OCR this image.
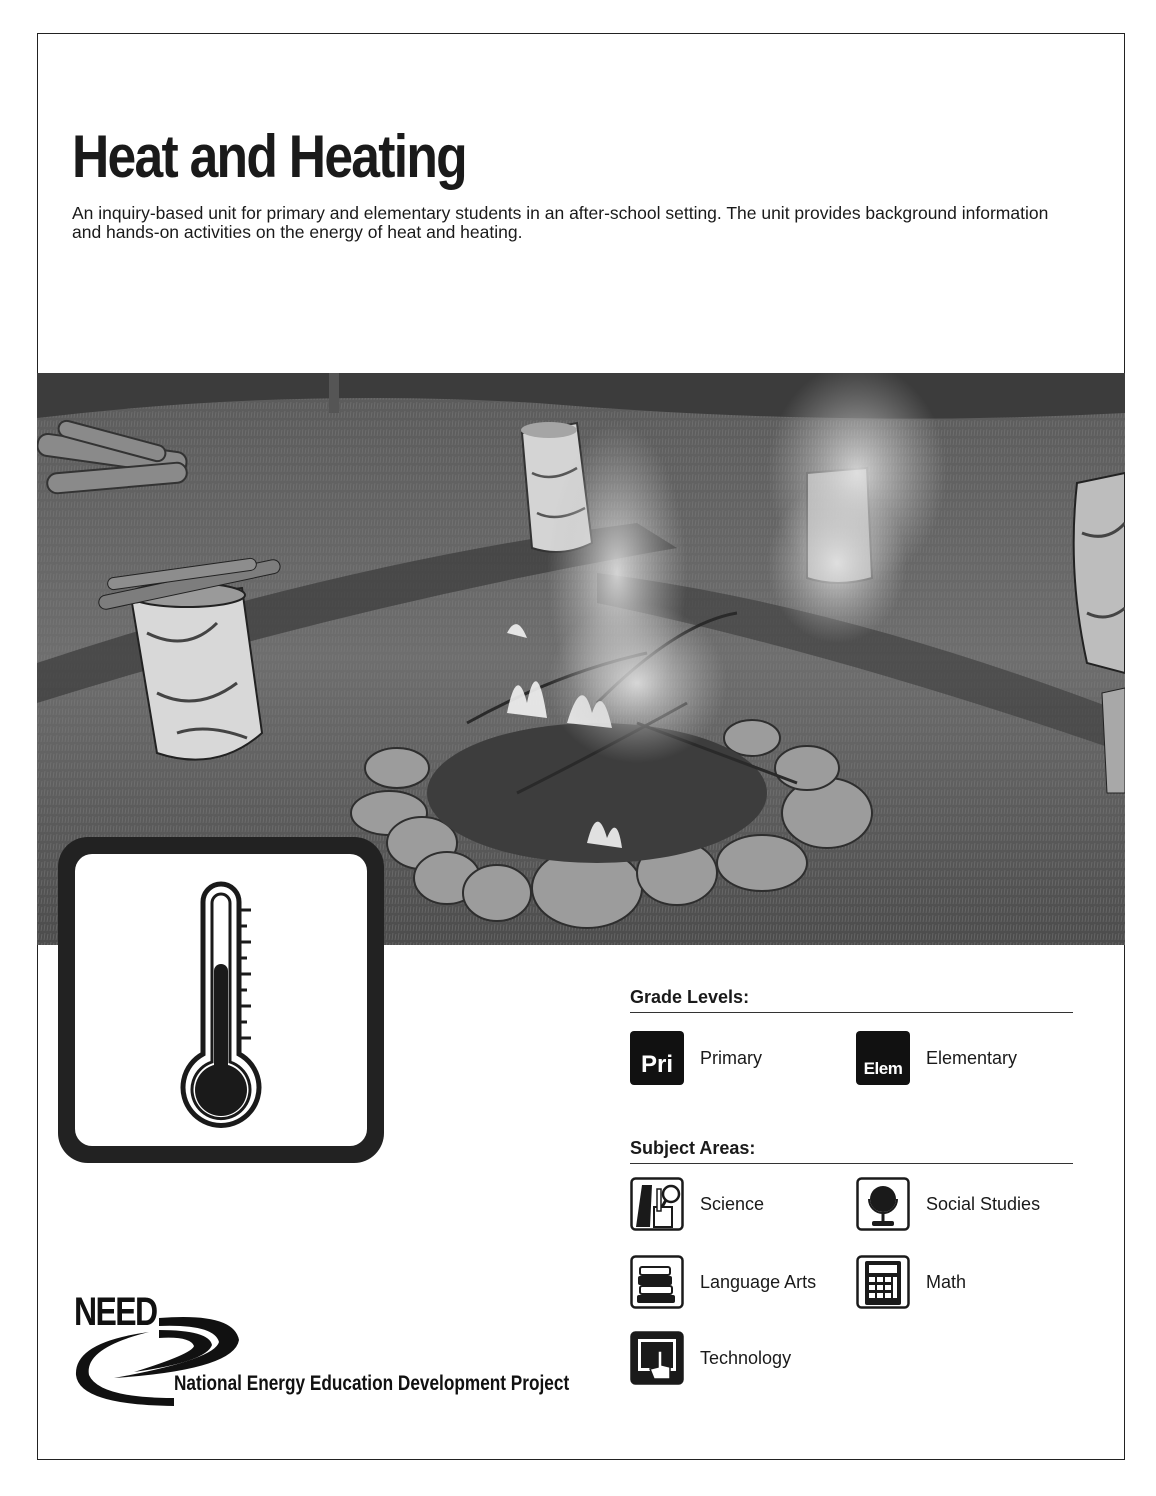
Heat and Heating

An inquiry-based unit for primary and elementary students in an after-school setting. The unit provides background information and hands-on activities on the energy of heat and heating.

Grade Levels:
Pri Primary
Elem
Elementary
Subject Areas:
Science	Social Studies
Language Arts	Math
Technology
NEED
National Energy Education Development Project
